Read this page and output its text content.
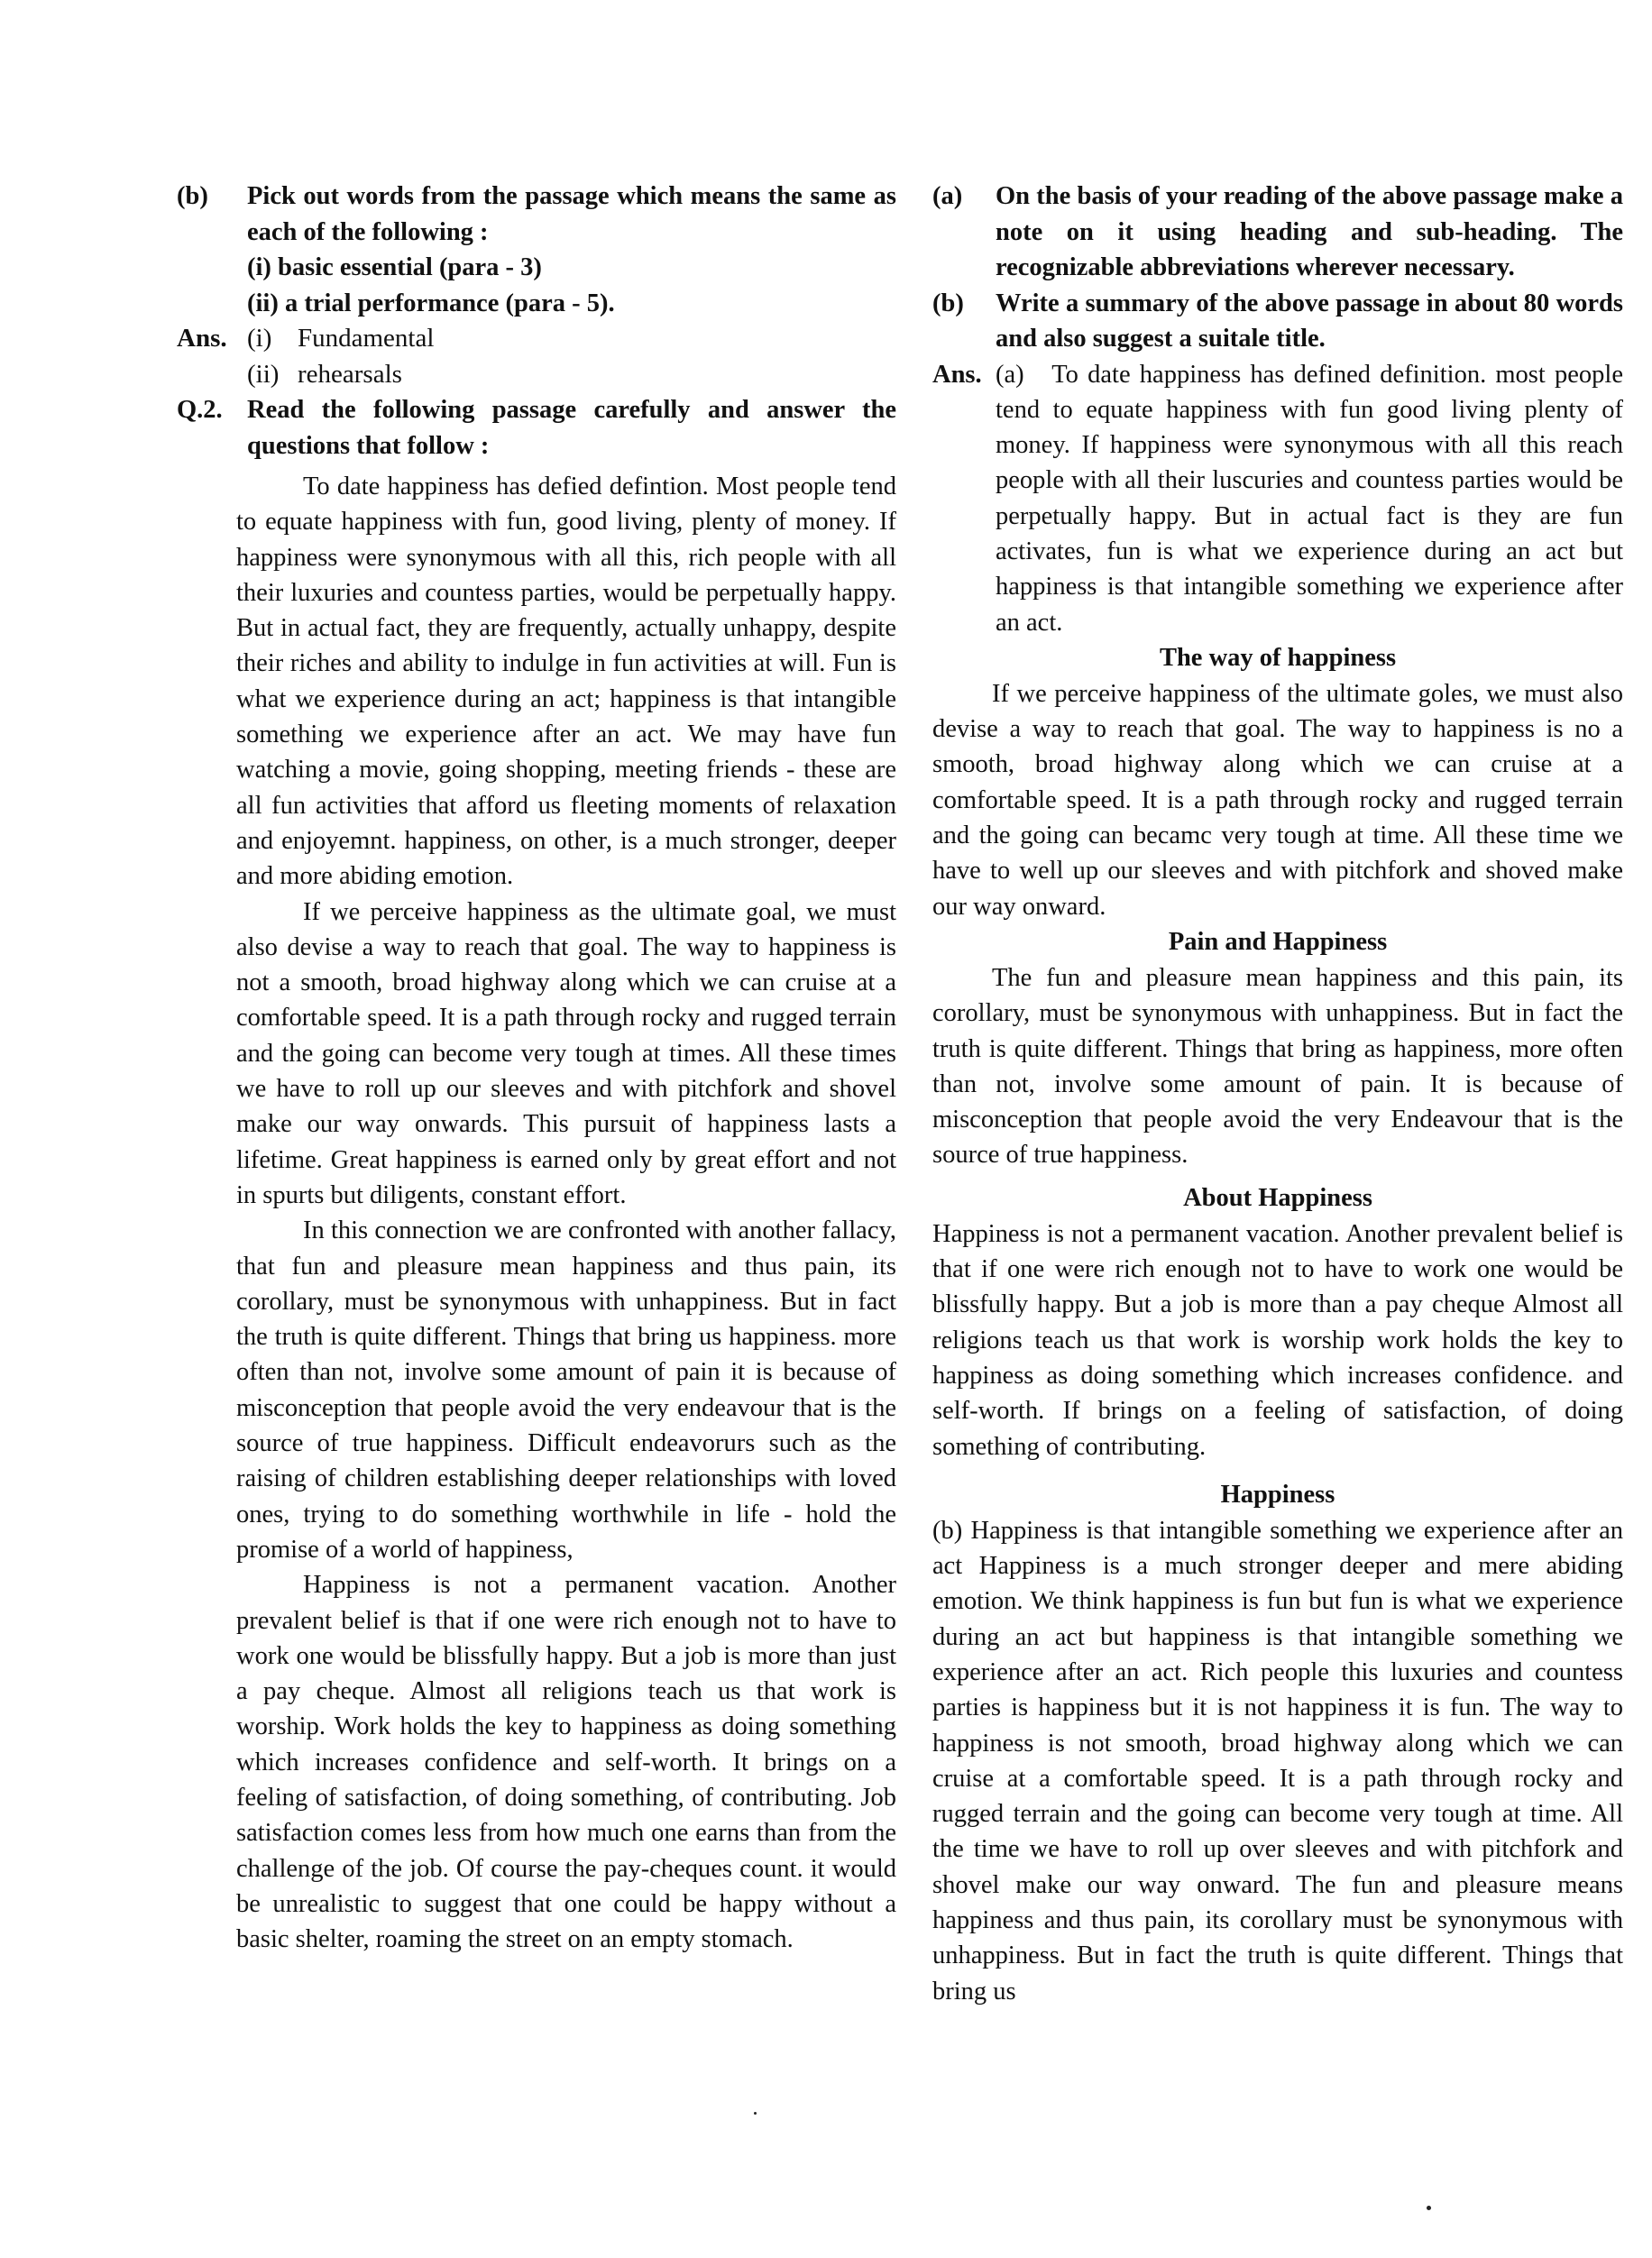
(b)	Pick out words from the passage which means the same as each of the following :
(i) basic essential (para - 3)
(ii) a trial performance (para - 5).
Ans. (i) Fundamental
(ii) rehearsals
Q.2. Read the following passage carefully and answer the questions that follow :

To date happiness has defied defintion. Most people tend to equate happiness with fun, good living, plenty of money. If happiness were synonymous with all this, rich people with all their luxuries and countess parties, would be perpetually happy. But in actual fact, they are frequently, actually unhappy, despite their riches and ability to indulge in fun activities at will. Fun is what we experience during an act; happiness is that intangible something we experience after an act. We may have fun watching a movie, going shopping, meeting friends - these are all fun activities that afford us fleeting moments of relaxation and enjoyemnt. happiness, on other, is a much stronger, deeper and more abiding emotion.

If we perceive happiness as the ultimate goal, we must also devise a way to reach that goal. The way to happiness is not a smooth, broad highway along which we can cruise at a comfortable speed. It is a path through rocky and rugged terrain and the going can become very tough at times. All these times we have to roll up our sleeves and with pitchfork and shovel make our way onwards. This pursuit of happiness lasts a lifetime. Great happiness is earned only by great effort and not in spurts but diligents, constant effort.

In this connection we are confronted with another fallacy, that fun and pleasure mean happiness and thus pain, its corollary, must be synonymous with unhappiness. But in fact the truth is quite different. Things that bring us happiness. more often than not, involve some amount of pain it is because of misconception that people avoid the very endeavour that is the source of true happiness. Difficult endeavorurs such as the raising of children establishing deeper relationships with loved ones, trying to do something worthwhile in life - hold the promise of a world of happiness,

Happiness is not a permanent vacation. Another prevalent belief is that if one were rich enough not to have to work one would be blissfully happy. But a job is more than just a pay cheque. Almost all religions teach us that work is worship. Work holds the key to happiness as doing something which increases confidence and self-worth. It brings on a feeling of satisfaction, of doing something, of contributing. Job satisfaction comes less from how much one earns than from the challenge of the job. Of course the pay-cheques count. it would be unrealistic to suggest that one could be happy without a basic shelter, roaming the street on an empty stomach.

(a)	On the basis of your reading of the above passage make a note on it using heading and sub-heading. The recognizable abbreviations wherever necessary.
(b)	Write a summary of the above passage in about 80 words and also suggest a suitale title.
Ans. (a) To date happiness has defined definition. most people tend to equate happiness with fun good living plenty of money. If happiness were synonymous with all this reach people with all their luscuries and countess parties would be perpetually happy. But in actual fact is they are fun activates, fun is what we experience during an act but happiness is that intangible something we experience after an act.
The way of happiness

If we perceive happiness of the ultimate goles, we must also devise a way to reach that goal. The way to happiness is no a smooth, broad highway along which we can cruise at a comfortable speed. It is a path through rocky and rugged terrain and the going can becamc very tough at time. All these time we have to well up our sleeves and with pitchfork and shoved make our way onward.

Pain and Happiness

The fun and pleasure mean happiness and this pain, its corollary, must be synonymous with unhappiness. But in fact the truth is quite different. Things that bring as happiness, more often than not, involve some amount of pain. It is because of misconception that people avoid the very Endeavour that is the source of true happiness.

About Happiness

Happiness is not a permanent vacation. Another prevalent belief is that if one were rich enough not to have to work one would be blissfully happy. But a job is more than a pay cheque Almost all religions teach us that work is worship work holds the key to happiness as doing something which increases confidence. and self-worth. If brings on a feeling of satisfaction, of doing something of contributing.

Happiness

(b) Happiness is that intangible something we experience after an act Happiness is a much stronger deeper and mere abiding emotion. We think happiness is fun but fun is what we experience during an act but happiness is that intangible something we experience after an act. Rich people this luxuries and countess parties is happiness but it is not happiness it is fun. The way to happiness is not smooth, broad highway along which we can cruise at a comfortable speed. It is a path through rocky and rugged terrain and the going can become very tough at time. All the time we have to roll up over sleeves and with pitchfork and shovel make our way onward. The fun and pleasure means happiness and thus pain, its corollary must be synonymous with unhappiness. But in fact the truth is quite different. Things that bring us
